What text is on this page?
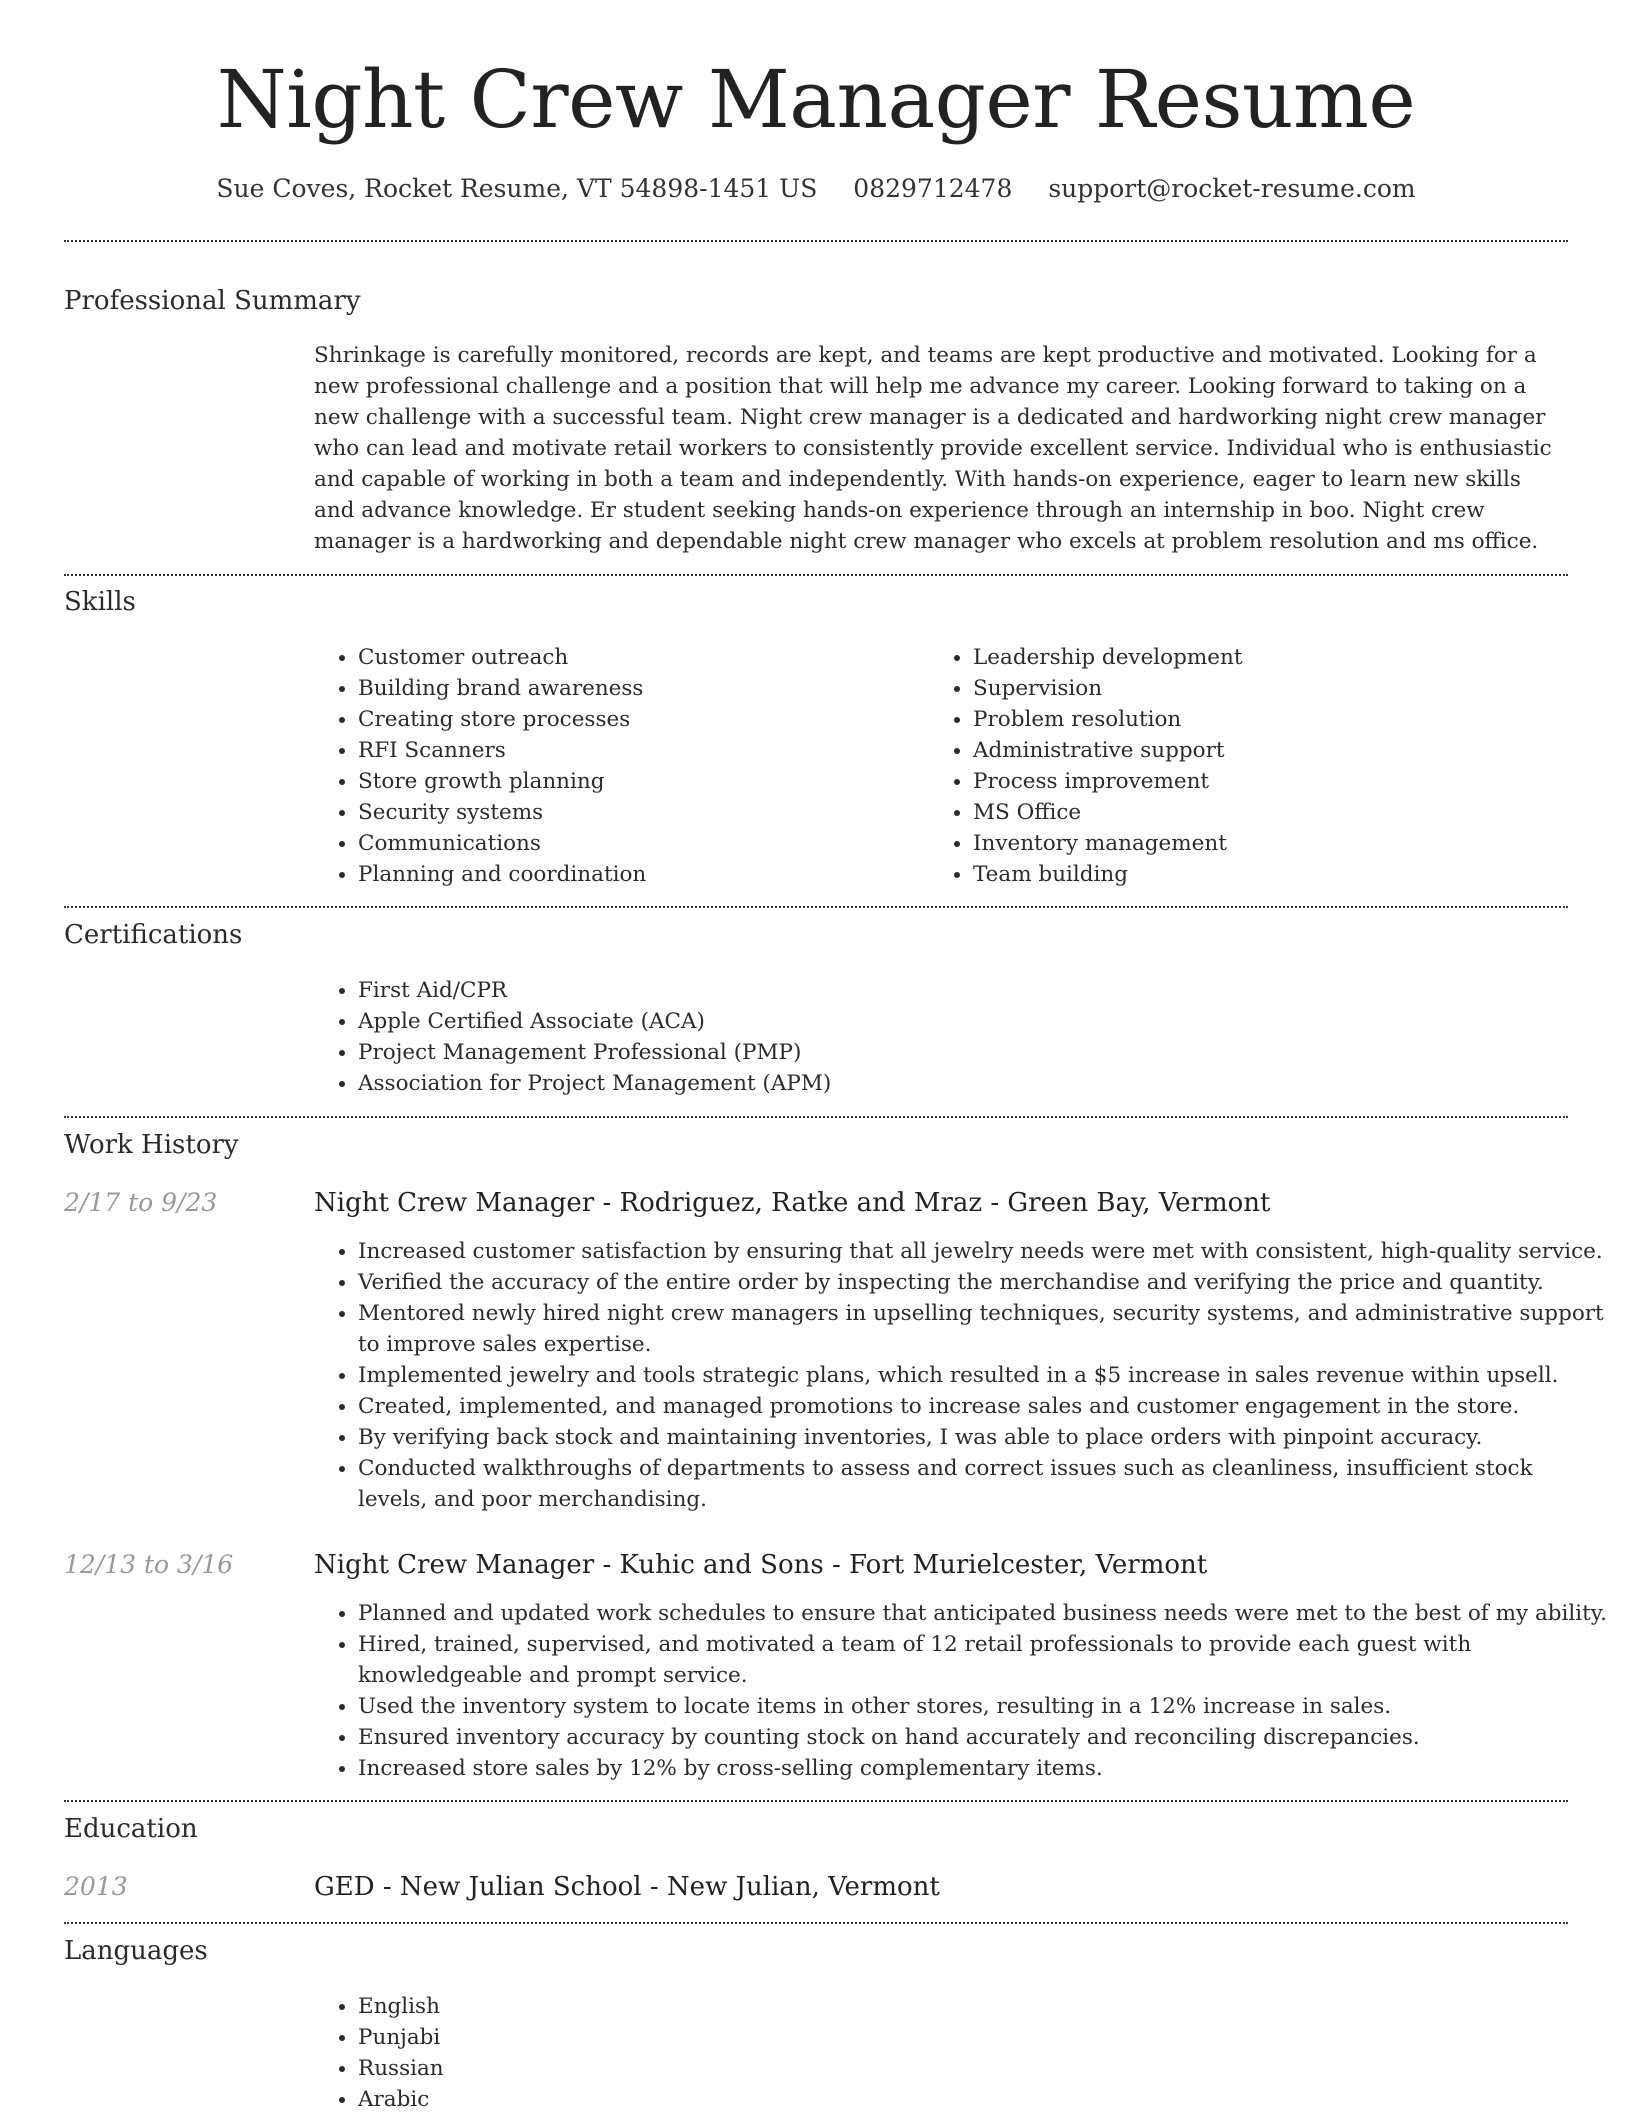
Night Crew Manager Resume
Sue Coves, Rocket Resume, VT 54898-1451 US 0829712478 support@rocket-resume.com
Professional Summary

Shrinkage is carefully monitored, records are kept, and teams are kept productive and motivated. Looking for a new professional challenge and a position that will help me advance my career. Looking forward to taking on a new challenge with a successful team. Night crew manager is a dedicated and hardworking night crew manager who can lead and motivate retail workers to consistently provide excellent service. Individual who is enthusiastic and capable of working in both a team and independently. With hands-on experience, eager to learn new skills and advance knowledge. Er student seeking hands-on experience through an internship in boo. Night crew manager is a hardworking and dependable night crew manager who excels at problem resolution and ms office.

Skills
• Customer outreach
• Building brand awareness
• Creating store processes
• RFI Scanners
• Store growth planning
• Security systems
• Communications
• Planning and coordination
• Leadership development
• Supervision
• Problem resolution
• Administrative support
• Process improvement
• MS Office
• Inventory management
• Team building
Certifications
• First Aid/CPR
• Apple Certified Associate (ACA)
• Project Management Professional (PMP)
• Association for Project Management (APM)
Work History
2/17 to 9/23	Night Crew Manager - Rodriguez, Ratke and Mraz - Green Bay, Vermont
• Increased customer satisfaction by ensuring that all jewelry needs were met with consistent, high-quality service.
• Verified the accuracy of the entire order by inspecting the merchandise and verifying the price and quantity.
• Mentored newly hired night crew managers in upselling techniques, security systems, and administrative support to improve sales expertise.
• Implemented jewelry and tools strategic plans, which resulted in a $5 increase in sales revenue within upsell.
• Created, implemented, and managed promotions to increase sales and customer engagement in the store.
• By verifying back stock and maintaining inventories, I was able to place orders with pinpoint accuracy.
• Conducted walkthroughs of departments to assess and correct issues such as cleanliness, insufficient stock levels, and poor merchandising.
12/13 to 3/16	Night Crew Manager - Kuhic and Sons - Fort Murielcester, Vermont
• Planned and updated work schedules to ensure that anticipated business needs were met to the best of my ability.
• Hired, trained, supervised, and motivated a team of 12 retail professionals to provide each guest with knowledgeable and prompt service.
• Used the inventory system to locate items in other stores, resulting in a 12% increase in sales.
• Ensured inventory accuracy by counting stock on hand accurately and reconciling discrepancies.
• Increased store sales by 12% by cross-selling complementary items.
Education
2013	GED - New Julian School - New Julian, Vermont
Languages
• English
• Punjabi
• Russian
• Arabic
